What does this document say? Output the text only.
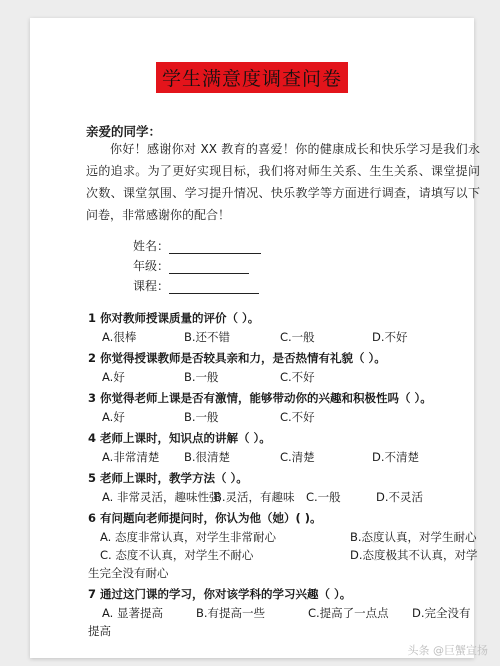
学生满意度调查问卷
亲爱的同学：

你好！感谢你对 XX 教育的喜爱！你的健康成长和快乐学习是我们永远的追求。为了更好实现目标，我们将对师生关系、生生关系、课堂提问次数、课堂氛围、学习提升情况、快乐教学等方面进行调查，请填写以下问卷，非常感谢你的配合！

姓名：
年级：
课程：
1 你对教师授课质量的评价（ ）。
A.很棒	B.还不错	C.一般	D.不好
2 你觉得授课教师是否较具亲和力，是否热情有礼貌（ ）。
A.好	B.一般	C.不好
3 你觉得老师上课是否有激情，能够带动你的兴趣和积极性吗（ ）。
A.好	B.一般	C.不好
4 老师上课时，知识点的讲解（ ）。
A.非常清楚	B.很清楚	C.清楚	D.不清楚
5 老师上课时，教学方法（ ）。
A. 非常灵活，趣味性强
B.灵活，有趣味 C.一般	D.不灵活
6 有问题向老师提问时，你认为他（她）( )。
A. 态度非常认真，对学生非常耐心	B.态度认真，对学生耐心
C. 态度不认真，对学生不耐心	D.态度极其不认真，对学
生完全没有耐心
7 通过这门课的学习，你对该学科的学习兴趣（ ）。
A. 显著提高	B.有提高一些	C.提高了一点点	D.完全没有
提高
头条 @巨蟹宣扬
